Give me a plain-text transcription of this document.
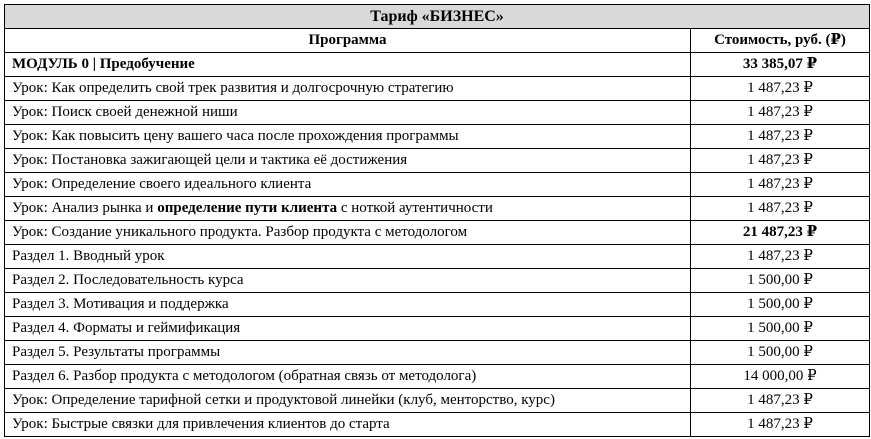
Тариф «БИЗНЕС»	
Программа	Стоимость, руб. (₽)
МОДУЛЬ 0 | Предобучение	33 385,07 ₽
Урок: Как определить свой трек развития и долгосрочную стратегию	1 487,23 ₽
Урок: Поиск своей денежной ниши	1 487,23 ₽
Урок: Как повысить цену вашего часа после прохождения программы	1 487,23 ₽
Урок: Постановка зажигающей цели и тактика её достижения	1 487,23 ₽
Урок: Определение своего идеального клиента	1 487,23 ₽
Урок: Анализ рынка и определение пути клиента с ноткой аутентичности	1 487,23 ₽
Урок: Создание уникального продукта. Разбор продукта с методологом	21 487,23 ₽
Раздел 1. Вводный урок	1 487,23 ₽
Раздел 2. Последовательность курса	1 500,00 ₽
Раздел 3. Мотивация и поддержка	1 500,00 ₽
Раздел 4. Форматы и геймификация	1 500,00 ₽
Раздел 5. Результаты программы	1 500,00 ₽
Раздел 6. Разбор продукта с методологом (обратная связь от методолога)	14 000,00 ₽
Урок: Определение тарифной сетки и продуктовой линейки (клуб, менторство, курс)	1 487,23 ₽
Урок: Быстрые связки для привлечения клиентов до старта	1 487,23 ₽
